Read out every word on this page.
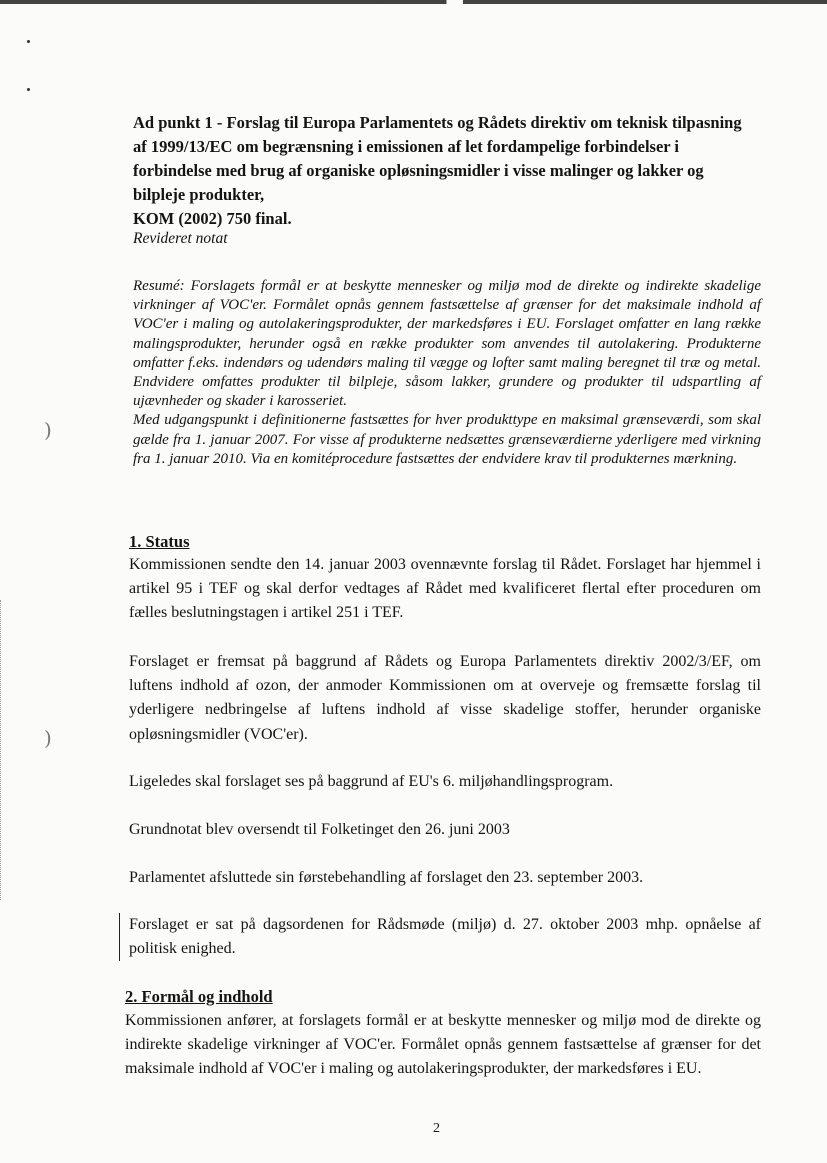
)
)
Ad punkt 1 - Forslag til Europa Parlamentets og Rådets direktiv om teknisk tilpasning
af 1999/13/EC om begrænsning i emissionen af let fordampelige forbindelser i
forbindelse med brug af organiske opløsningsmidler i visse malinger og lakker og
bilpleje produkter,
KOM (2002) 750 final.

Revideret notat

Resumé: Forslagets formål er at beskytte mennesker og miljø mod de direkte og indirekte skadelige virkninger af VOC'er. Formålet opnås gennem fastsættelse af grænser for det maksimale indhold af VOC'er i maling og autolakeringsprodukter, der markedsføres i EU. Forslaget omfatter en lang række malingsprodukter, herunder også en række produkter som anvendes til autolakering. Produkterne omfatter f.eks. indendørs og udendørs maling til vægge og lofter samt maling beregnet til træ og metal. Endvidere omfattes produkter til bilpleje, såsom lakker, grundere og produkter til udspartling af ujævnheder og skader i karosseriet.

Med udgangspunkt i definitionerne fastsættes for hver produkttype en maksimal grænseværdi, som skal gælde fra 1. januar 2007. For visse af produkterne nedsættes grænseværdierne yderligere med virkning fra 1. januar 2010. Via en komitéprocedure fastsættes der endvidere krav til produkternes mærkning.

1. Status

Kommissionen sendte den 14. januar 2003 ovennævnte forslag til Rådet. Forslaget har hjemmel i artikel 95 i TEF og skal derfor vedtages af Rådet med kvalificeret flertal efter proceduren om fælles beslutningstagen i artikel 251 i TEF.

Forslaget er fremsat på baggrund af Rådets og Europa Parlamentets direktiv 2002/3/EF, om luftens indhold af ozon, der anmoder Kommissionen om at overveje og fremsætte forslag til yderligere nedbringelse af luftens indhold af visse skadelige stoffer, herunder organiske opløsningsmidler (VOC'er).

Ligeledes skal forslaget ses på baggrund af EU's 6. miljøhandlingsprogram.

Grundnotat blev oversendt til Folketinget den 26. juni 2003

Parlamentet afsluttede sin førstebehandling af forslaget den 23. september 2003.

Forslaget er sat på dagsordenen for Rådsmøde (miljø) d. 27. oktober 2003 mhp. opnåelse af politisk enighed.

2. Formål og indhold

Kommissionen anfører, at forslagets formål er at beskytte mennesker og miljø mod de direkte og indirekte skadelige virkninger af VOC'er. Formålet opnås gennem fastsættelse af grænser for det maksimale indhold af VOC'er i maling og autolakeringsprodukter, der markedsføres i EU.

2
